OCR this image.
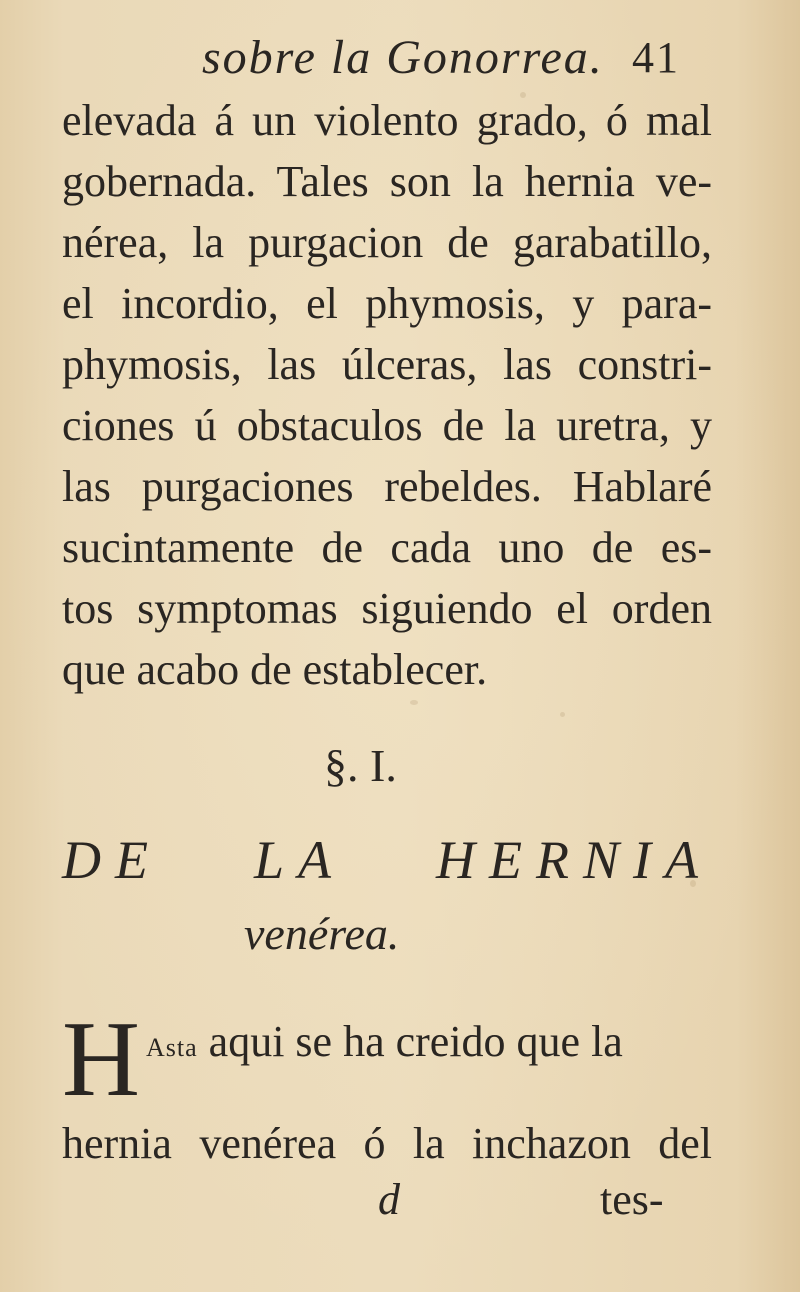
sobre la Gonorrea. 41
elevada á un violento grado, ó mal
gobernada. Tales son la hernia ve-
nérea, la purgacion de garabatillo,
el incordio, el phymosis, y para-
phymosis, las úlceras, las constri-
ciones ú obstaculos de la uretra, y
las purgaciones rebeldes. Hablaré
sucintamente de cada uno de es-
tos symptomas siguiendo el orden
que acabo de establecer.
§. I.
DE LA HERNIA
venérea.
H Asta aqui se ha creido que la
hernia venérea ó la inchazon del
d	tes-
